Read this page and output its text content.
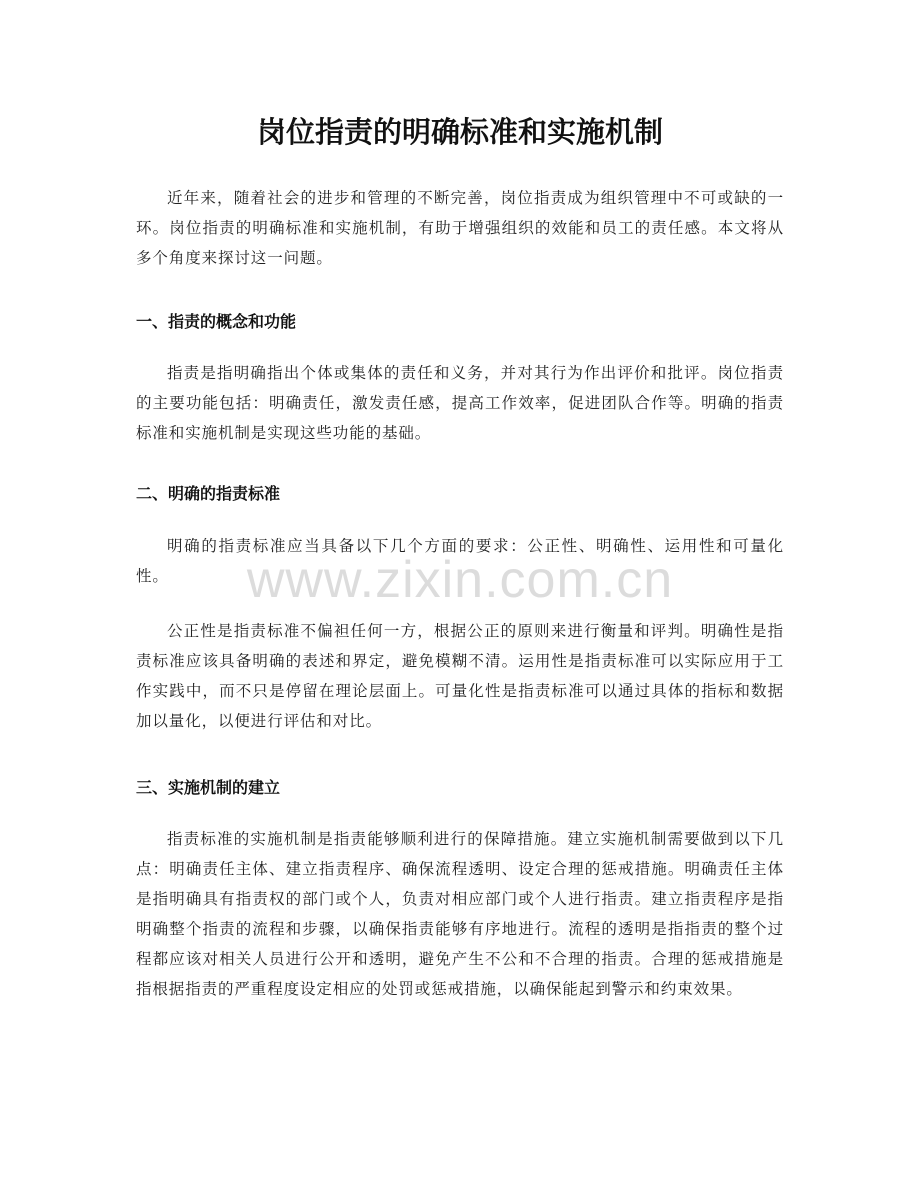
岗位指责的明确标准和实施机制

近年来，随着社会的进步和管理的不断完善，岗位指责成为组织管理中不可或缺的一环。岗位指责的明确标准和实施机制，有助于增强组织的效能和员工的责任感。本文将从多个角度来探讨这一问题。

一、指责的概念和功能

指责是指明确指出个体或集体的责任和义务，并对其行为作出评价和批评。岗位指责的主要功能包括：明确责任，激发责任感，提高工作效率，促进团队合作等。明确的指责标准和实施机制是实现这些功能的基础。

二、明确的指责标准

明确的指责标准应当具备以下几个方面的要求：公正性、明确性、运用性和可量化性。

公正性是指责标准不偏袒任何一方，根据公正的原则来进行衡量和评判。明确性是指责标准应该具备明确的表述和界定，避免模糊不清。运用性是指责标准可以实际应用于工作实践中，而不只是停留在理论层面上。可量化性是指责标准可以通过具体的指标和数据加以量化，以便进行评估和对比。

三、实施机制的建立

指责标准的实施机制是指责能够顺利进行的保障措施。建立实施机制需要做到以下几点：明确责任主体、建立指责程序、确保流程透明、设定合理的惩戒措施。明确责任主体是指明确具有指责权的部门或个人，负责对相应部门或个人进行指责。建立指责程序是指明确整个指责的流程和步骤，以确保指责能够有序地进行。流程的透明是指指责的整个过程都应该对相关人员进行公开和透明，避免产生不公和不合理的指责。合理的惩戒措施是指根据指责的严重程度设定相应的处罚或惩戒措施，以确保能起到警示和约束效果。

www.zixin.com.cn
